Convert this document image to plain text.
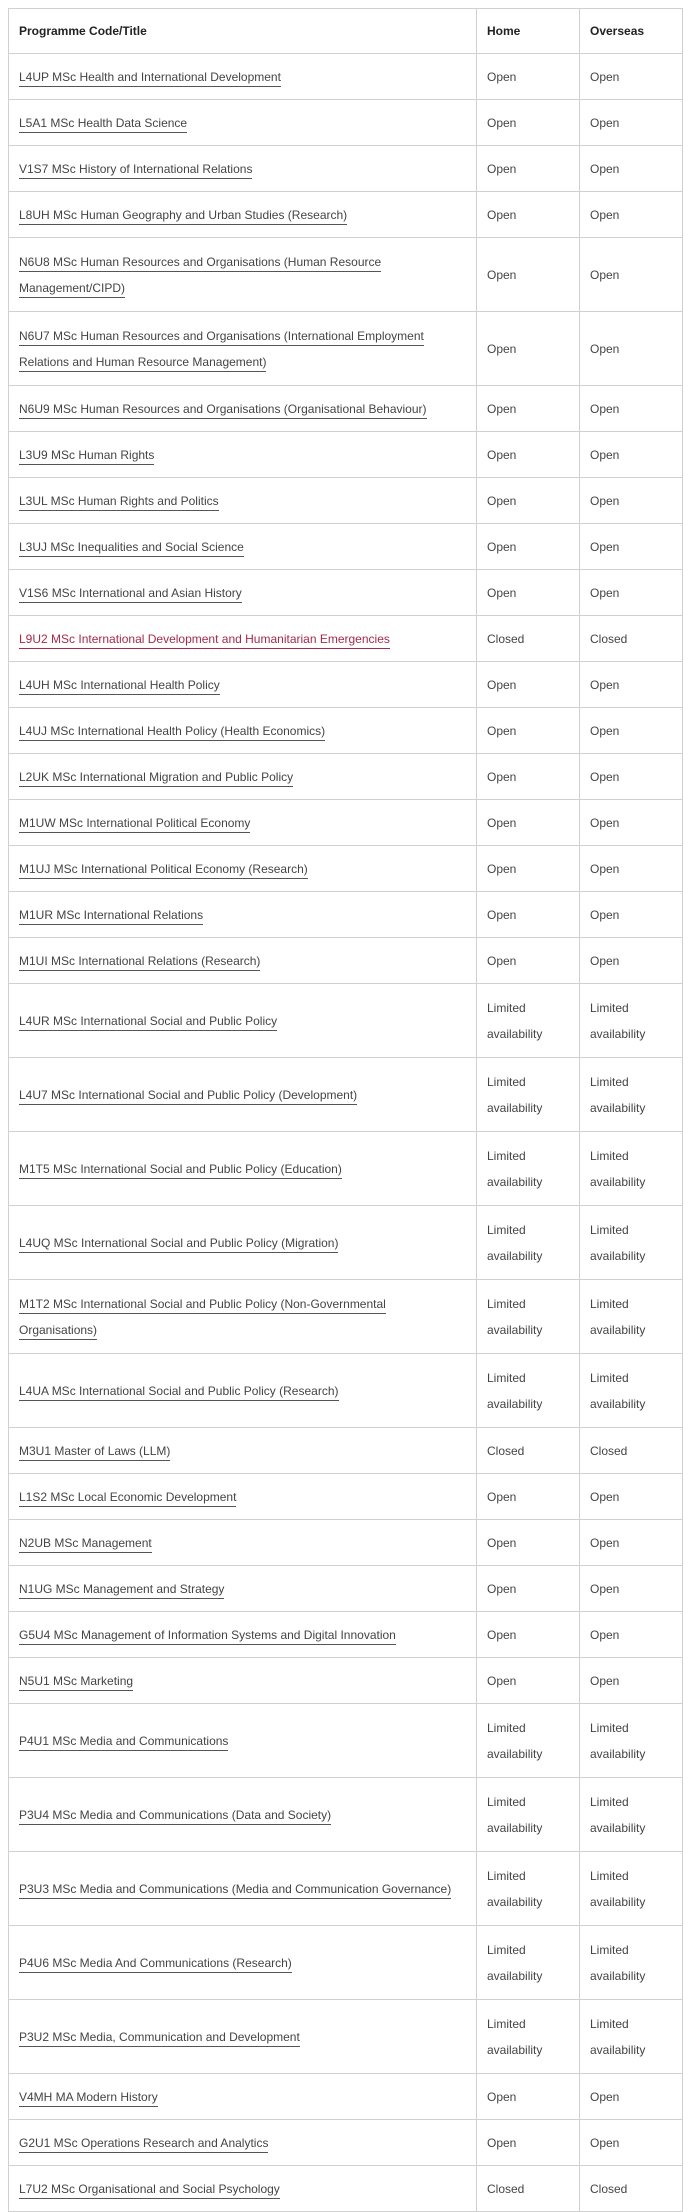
Programme Code/Title	Home	Overseas
L4UP MSc Health and International Development	Open	Open
L5A1 MSc Health Data Science	Open	Open
V1S7 MSc History of International Relations	Open	Open
L8UH MSc Human Geography and Urban Studies (Research)	Open	Open
N6U8 MSc Human Resources and Organisations (Human Resource Management/CIPD)	Open	Open
N6U7 MSc Human Resources and Organisations (International Employment Relations and Human Resource Management)	Open	Open
N6U9 MSc Human Resources and Organisations (Organisational Behaviour)	Open	Open
L3U9 MSc Human Rights	Open	Open
L3UL MSc Human Rights and Politics	Open	Open
L3UJ MSc Inequalities and Social Science	Open	Open
V1S6 MSc International and Asian History	Open	Open
L9U2 MSc International Development and Humanitarian Emergencies	Closed	Closed
L4UH MSc International Health Policy	Open	Open
L4UJ MSc International Health Policy (Health Economics)	Open	Open
L2UK MSc International Migration and Public Policy	Open	Open
M1UW MSc International Political Economy	Open	Open
M1UJ MSc International Political Economy (Research)	Open	Open
M1UR MSc International Relations	Open	Open
M1UI MSc International Relations (Research)	Open	Open
L4UR MSc International Social and Public Policy	Limited availability	Limited availability
L4U7 MSc International Social and Public Policy (Development)	Limited availability	Limited availability
M1T5 MSc International Social and Public Policy (Education)	Limited availability	Limited availability
L4UQ MSc International Social and Public Policy (Migration)	Limited availability	Limited availability
M1T2 MSc International Social and Public Policy (Non-Governmental Organisations)	Limited availability	Limited availability
L4UA MSc International Social and Public Policy (Research)	Limited availability	Limited availability
M3U1 Master of Laws (LLM)	Closed	Closed
L1S2 MSc Local Economic Development	Open	Open
N2UB MSc Management	Open	Open
N1UG MSc Management and Strategy	Open	Open
G5U4 MSc Management of Information Systems and Digital Innovation	Open	Open
N5U1 MSc Marketing	Open	Open
P4U1 MSc Media and Communications	Limited availability	Limited availability
P3U4 MSc Media and Communications (Data and Society)	Limited availability	Limited availability
P3U3 MSc Media and Communications (Media and Communication Governance)	Limited availability	Limited availability
P4U6 MSc Media And Communications (Research)	Limited availability	Limited availability
P3U2 MSc Media, Communication and Development	Limited availability	Limited availability
V4MH MA Modern History	Open	Open
G2U1 MSc Operations Research and Analytics	Open	Open
L7U2 MSc Organisational and Social Psychology	Closed	Closed
